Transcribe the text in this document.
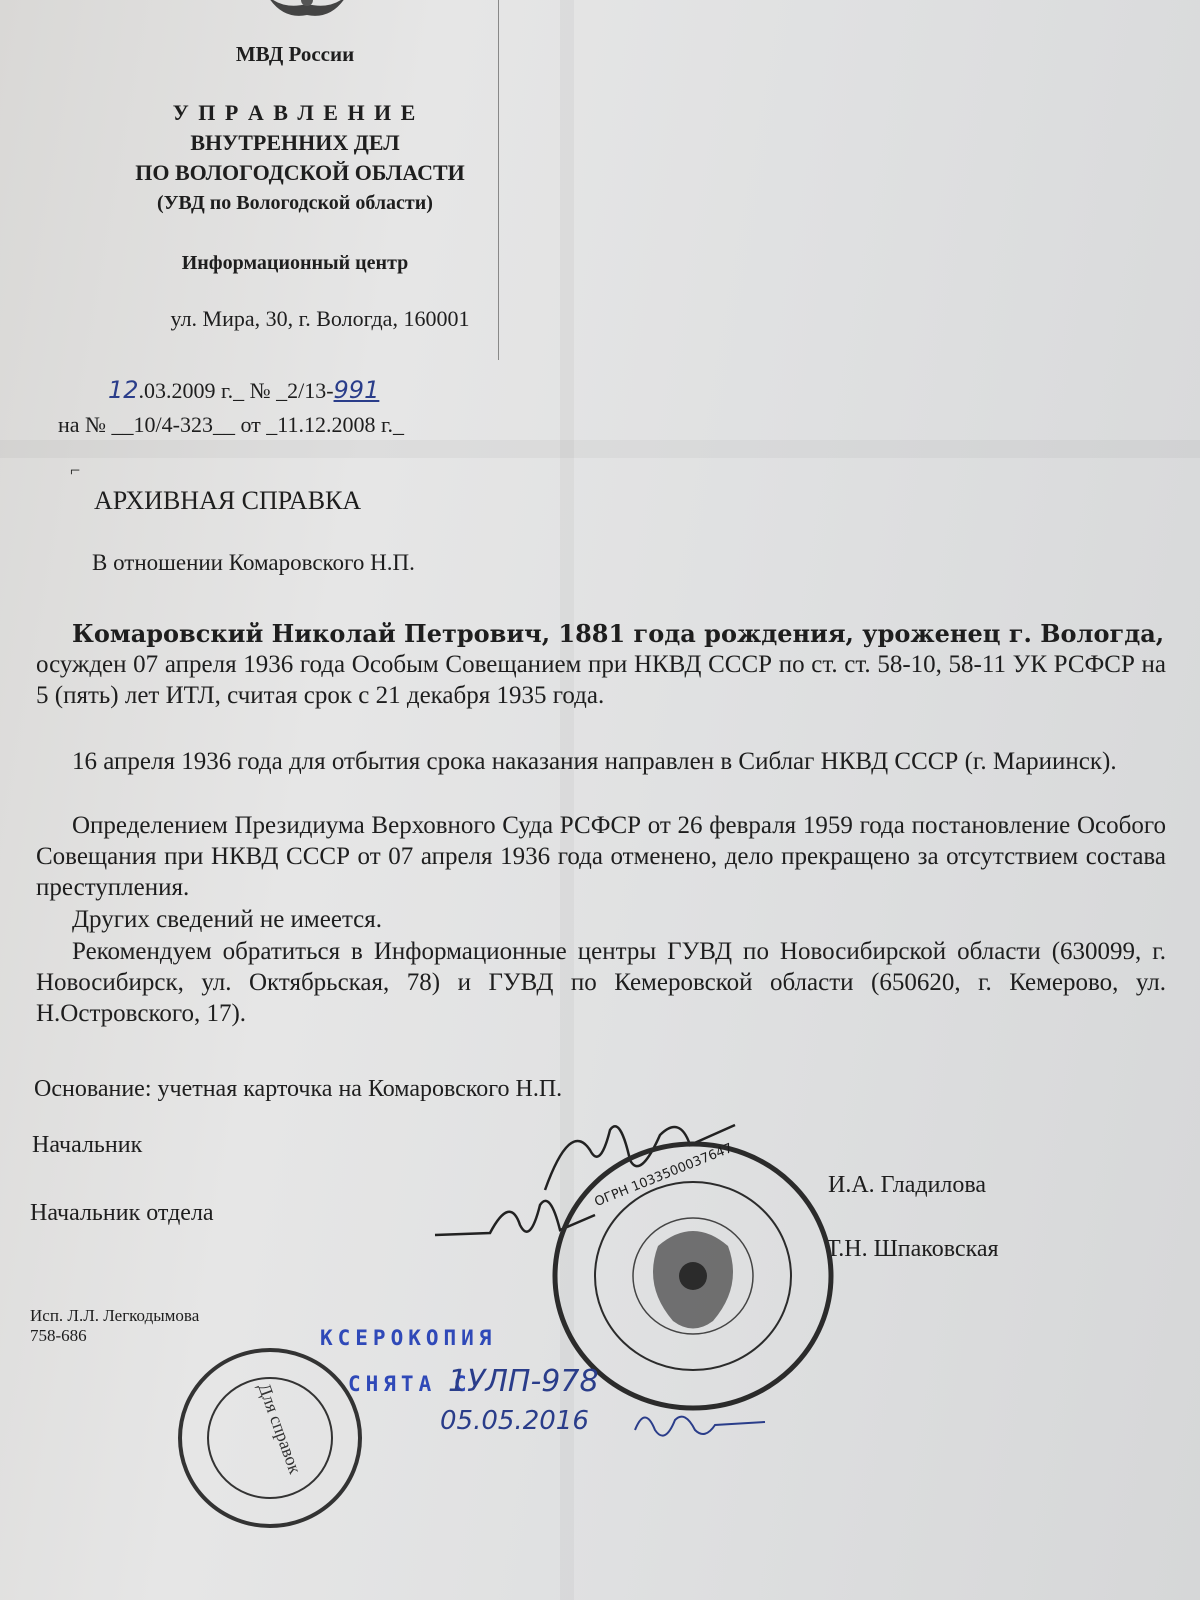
МВД России
У П Р А В Л Е Н И Е
ВНУТРЕННИХ ДЕЛ
ПО ВОЛОГОДСКОЙ ОБЛАСТИ
(УВД по Вологодской области)
Информационный центр
ул. Мира, 30, г. Вологда, 160001
12.03.2009 г._ № _2/13-991
на № __10/4-323__ от _11.12.2008 г._
⌐
АРХИВНАЯ СПРАВКА
В отношении Комаровского Н.П.
Комаровский Николай Петрович, 1881 года рождения, уроженец г. Вологда,
осужден 07 апреля 1936 года Особым Совещанием при НКВД СССР по ст. ст. 58-10, 58-11 УК РСФСР на 5 (пять) лет ИТЛ, считая срок с 21 декабря 1935 года.
16 апреля 1936 года для отбытия срока наказания направлен в Сиблаг НКВД СССР (г. Мариинск).
Определением Президиума Верховного Суда РСФСР от 26 февраля 1959 года постановление Особого Совещания при НКВД СССР от 07 апреля 1936 года отменено, дело прекращено за отсутствием состава преступления.
Других сведений не имеется.
Рекомендуем обратиться в Информационные центры ГУВД по Новосибирской области (630099, г. Новосибирск, ул. Октябрьская, 78) и ГУВД по Кемеровской области (650620, г. Кемерово, ул. Н.Островского, 17).
Основание: учетная карточка на Комаровского Н.П.
Начальник
И.А. Гладилова
Начальник отдела
Т.Н. Шпаковская
ОГРН 1033500037647
Для справок
Исп. Л.Л. Легкодымова
758-686	КСЕРОКОПИЯ
СНЯТА С
1УЛП-978
05.05.2016
